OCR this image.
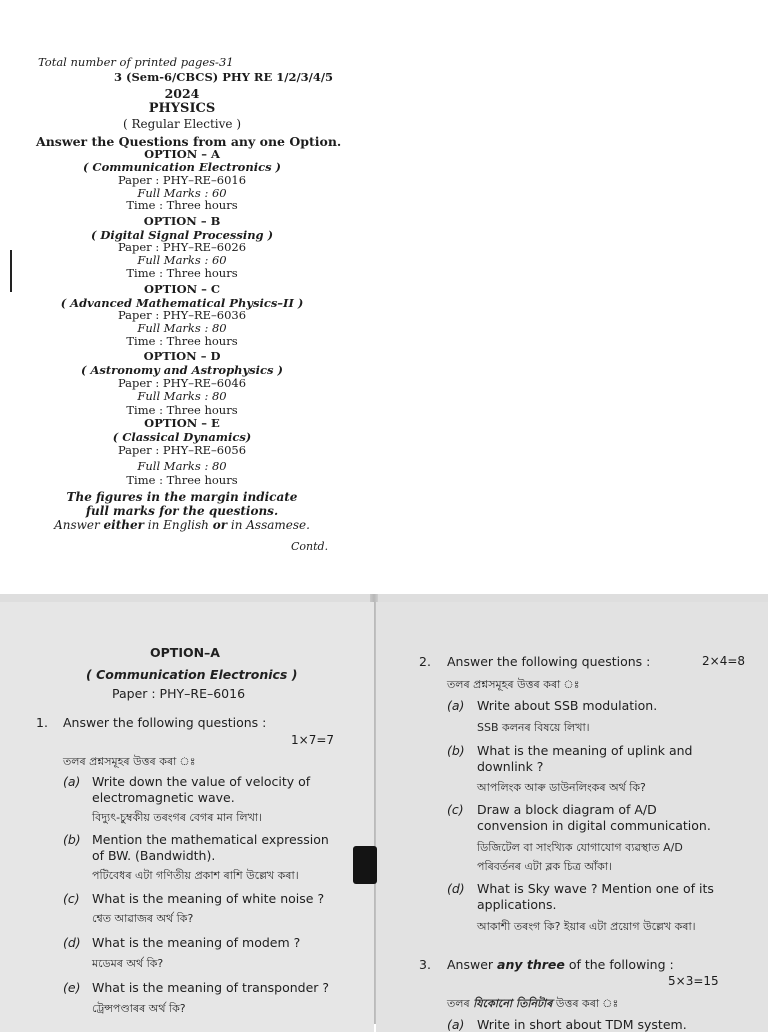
Total number of printed pages-31
3 (Sem-6/CBCS) PHY RE 1/2/3/4/5
2024
PHYSICS
( Regular Elective )
Answer the Questions from any one Option.
OPTION – A
( Communication Electronics )
Paper : PHY–RE–6016
Full Marks : 60
Time : Three hours
OPTION – B
( Digital Signal Processing )
Paper : PHY–RE–6026
Full Marks : 60
Time : Three hours
OPTION – C
( Advanced Mathematical Physics–II )
Paper : PHY–RE–6036
Full Marks : 80
Time : Three hours
OPTION – D
( Astronomy and Astrophysics )
Paper : PHY–RE–6046
Full Marks : 80
Time : Three hours
OPTION – E
( Classical Dynamics)
Paper : PHY–RE–6056
Full Marks : 80
Time : Three hours
The figures in the margin indicate
full marks for the questions.
Answer either in English or in Assamese.
Contd.
OPTION–A
( Communication Electronics )
Paper : PHY–RE–6016
1. Answer the following questions :
1×7=7
তলৰ প্ৰশ্নসমূহৰ উত্তৰ কৰা ঃ
(a) Write down the value of velocity of
electromagnetic wave.
বিদ্যুৎ-চুম্বকীয় তৰংগৰ বেগৰ মান লিখা।
(b) Mention the mathematical expression
of BW. (Bandwidth).
পটিবেধৰ এটা গণিতীয় প্ৰকাশ ৰাশি উল্লেখ কৰা।
(c) What is the meaning of white noise ?
শ্বেত আৱাজৰ অৰ্থ কি?
(d) What is the meaning of modem ?
মডেমৰ অৰ্থ কি?
(e) What is the meaning of transponder ?
ট্ৰেন্সপণ্ডাৰৰ অৰ্থ কি?
2. Answer the following questions :	2×4=8
তলৰ প্ৰশ্নসমূহৰ উত্তৰ কৰা ঃ
(a) Write about SSB modulation.
SSB কলনৰ বিষয়ে লিখা।
(b) What is the meaning of uplink and
downlink ?
আপলিংক আৰু ডাউনলিংকৰ অৰ্থ কি?
(c) Draw a block diagram of A/D
convension in digital communication.
ডিজিটেল বা সাংখ্যিক যোগাযোগ ব্যৱস্থাত A/D
পৰিবৰ্তনৰ এটা ব্লক চিত্ৰ আঁকা।
(d) What is Sky wave ? Mention one of its
applications.
আকাশী তৰংগ কি? ইয়াৰ এটা প্ৰয়োগ উল্লেখ কৰা।
3. Answer any three of the following :
5×3=15
তলৰ যিকোনো তিনিটাৰ উত্তৰ কৰা ঃ
(a) Write in short about TDM system.
